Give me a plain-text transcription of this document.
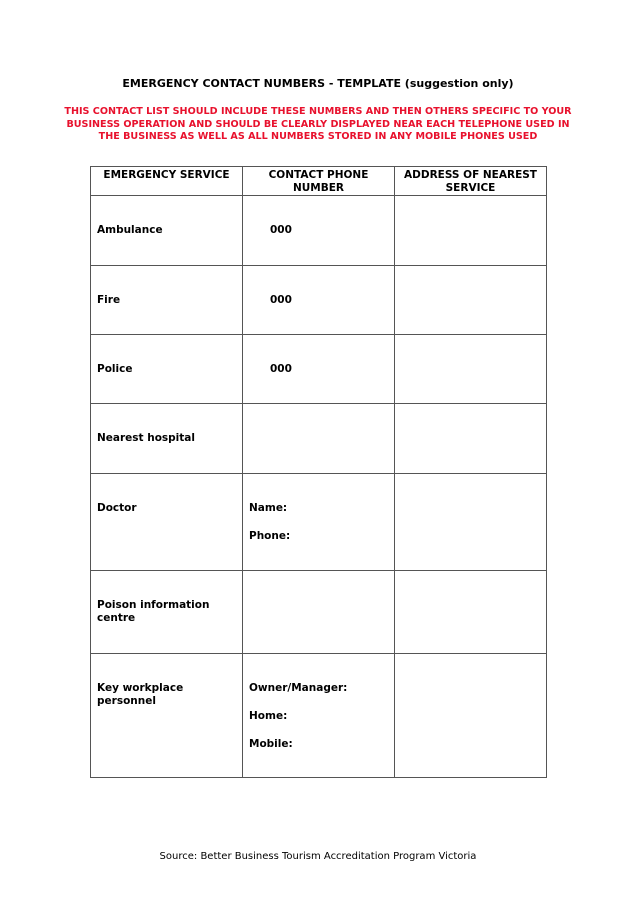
EMERGENCY CONTACT NUMBERS - TEMPLATE (suggestion only)
THIS CONTACT LIST SHOULD INCLUDE THESE NUMBERS AND THEN OTHERS SPECIFIC TO YOUR BUSINESS OPERATION AND SHOULD BE CLEARLY DISPLAYED NEAR EACH TELEPHONE USED IN THE BUSINESS AS WELL AS ALL NUMBERS STORED IN ANY MOBILE PHONES USED
EMERGENCY SERVICE	CONTACT PHONE NUMBER	ADDRESS OF NEAREST SERVICE

Ambulance	000	

Fire	000	

Police	000	

Nearest hospital		

Doctor	Name:
Phone:	

Poison information centre		

Key workplace personnel	Owner/Manager:
Home:
Mobile:	

Source: Better Business Tourism Accreditation Program Victoria
